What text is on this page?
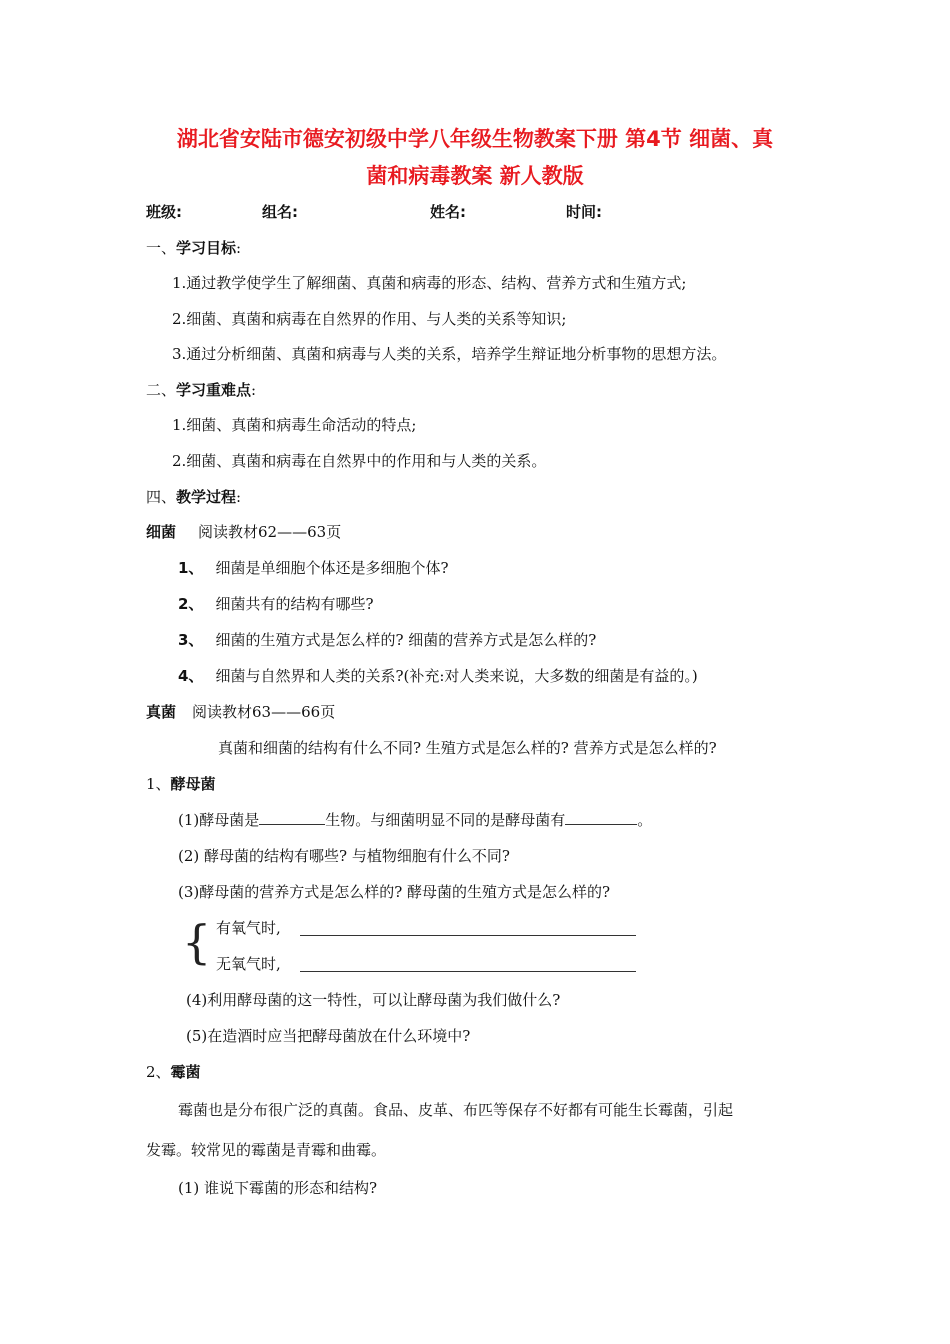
湖北省安陆市德安初级中学八年级生物教案下册 第4节 细菌、真
菌和病毒教案 新人教版
班级:	组名:	姓名:	时间:
一、学习目标:
1.通过教学使学生了解细菌、真菌和病毒的形态、结构、营养方式和生殖方式;
2.细菌、真菌和病毒在自然界的作用、与人类的关系等知识;
3.通过分析细菌、真菌和病毒与人类的关系，培养学生辩证地分析事物的思想方法。
二、学习重难点:
1.细菌、真菌和病毒生命活动的特点;
2.细菌、真菌和病毒在自然界中的作用和与人类的关系。
四、教学过程:
细菌 阅读教材62——63页
1、 细菌是单细胞个体还是多细胞个体?
2、 细菌共有的结构有哪些?
3、 细菌的生殖方式是怎么样的? 细菌的营养方式是怎么样的?
4、 细菌与自然界和人类的关系?(补充:对人类来说，大多数的细菌是有益的。)
真菌 阅读教材63——66页
真菌和细菌的结构有什么不同? 生殖方式是怎么样的? 营养方式是怎么样的?
1、酵母菌
(1)酵母菌是	生物。与细菌明显不同的是酵母菌有	。
(2) 酵母菌的结构有哪些? 与植物细胞有什么不同?
(3)酵母菌的营养方式是怎么样的? 酵母菌的生殖方式是怎么样的?
{ 有氧气时,
无氧气时,
(4)利用酵母菌的这一特性，可以让酵母菌为我们做什么?
(5)在造酒时应当把酵母菌放在什么环境中?
2、霉菌
霉菌也是分布很广泛的真菌。食品、皮革、布匹等保存不好都有可能生长霉菌，引起
发霉。较常见的霉菌是青霉和曲霉。
(1) 谁说下霉菌的形态和结构?
